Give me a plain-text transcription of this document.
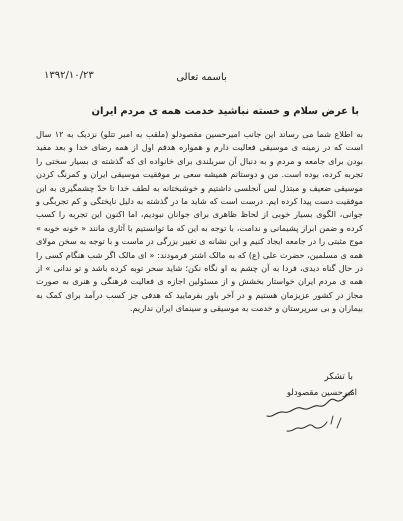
۱۳۹۲/۱۰/۲۳	باسمه تعالی
با عرض سلام و خسته نباشید خدمت همه ی مردم ایران
به اطلاع شما می رساند این جانب امیرحسین مقصودلو (ملقب به امیر تتلو) نزدیک به ۱۲ سال است که در زمینه ی موسیقی فعالیت دارم و همواره هدفم اول از همه رضای خدا و بعد مفید بودن برای جامعه و مردم و به دنبال آن سربلندی برای خانواده ای که گذشته ی بسیار سختی را تجربه کرده، بوده است. من و دوستانم همیشه سعی بر موفقیت موسیقی ایران و کمرنگ کردن موسیقی ضعیف و مبتذل لس آنجلسی داشتیم و خوشبختانه به لطف خدا تا حدّ چشمگیری به این موفقیت دست پیدا کرده ایم. درست است که شاید ما در گذشته به دلیل ناپختگی و کم تجربگی و جوانی، الگوی بسیار خوبی از لحاظ ظاهری برای جوانان نبودیم، اما اکنون این تجربه را کسب کرده و ضمن ابراز پشیمانی و ندامت، با توجه به این که ما توانستیم با آثاری مانند « خونه خوبه » موج مثبتی را در جامعه ایجاد کنیم و این نشانه ی تغییر بزرگی در ماست و با توجه به سخن مولای همه ی مسلمین، حضرت علی (ع) که به مالک اشتر فرمودند: « ای مالک اگر شب هنگام کسی را در حال گناه دیدی، فردا به آن چشم به او نگاه نکن؛ شاید سحر توبه کرده باشد و تو ندانی » از همه ی مردم ایران خواستار بخشش و از مسئولین اجازه ی فعالیت فرهنگی و هنری به صورت مجاز در کشور عزیزمان هستیم و در آخر باور بفرمایید که هدفی جز کسب درآمد برای کمک به بیماران و بی سرپرستان و خدمت به موسیقی و سینمای ایران نداریم.
با تشکر
امیرحسین مقصودلو
